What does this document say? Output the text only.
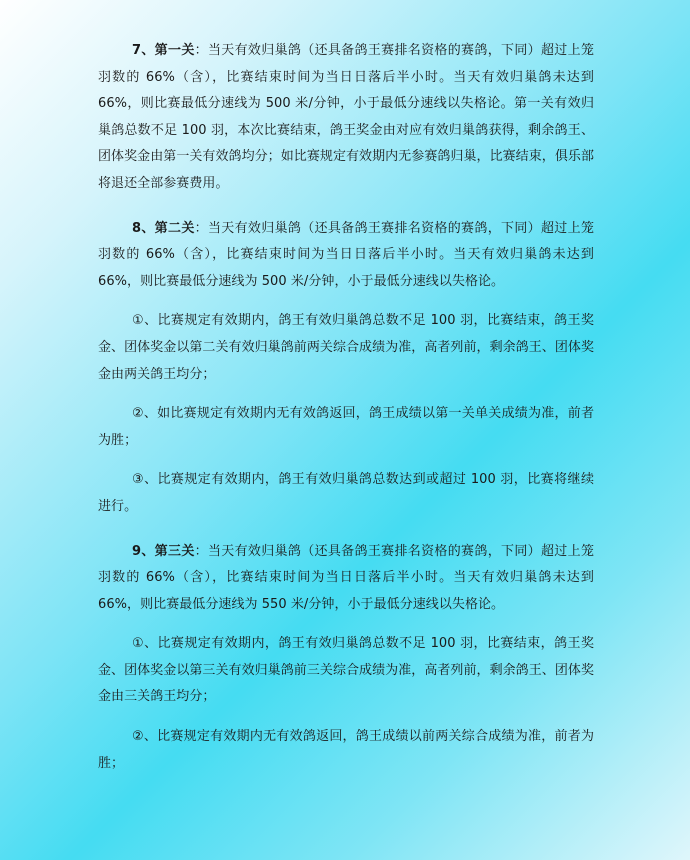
7、第一关：当天有效归巢鸽（还具备鸽王赛排名资格的赛鸽，下同）超过上笼羽数的 66%（含），比赛结束时间为当日日落后半小时。当天有效归巢鸽未达到 66%，则比赛最低分速线为 500 米/分钟，小于最低分速线以失格论。第一关有效归巢鸽总数不足 100 羽，本次比赛结束，鸽王奖金由对应有效归巢鸽获得，剩余鸽王、团体奖金由第一关有效鸽均分；如比赛规定有效期内无参赛鸽归巢，比赛结束，俱乐部将退还全部参赛费用。

8、第二关：当天有效归巢鸽（还具备鸽王赛排名资格的赛鸽，下同）超过上笼羽数的 66%（含），比赛结束时间为当日日落后半小时。当天有效归巢鸽未达到 66%，则比赛最低分速线为 500 米/分钟，小于最低分速线以失格论。

①、比赛规定有效期内，鸽王有效归巢鸽总数不足 100 羽，比赛结束，鸽王奖金、团体奖金以第二关有效归巢鸽前两关综合成绩为准，高者列前，剩余鸽王、团体奖金由两关鸽王均分；

②、如比赛规定有效期内无有效鸽返回，鸽王成绩以第一关单关成绩为准，前者为胜；

③、比赛规定有效期内，鸽王有效归巢鸽总数达到或超过 100 羽，比赛将继续进行。

9、第三关：当天有效归巢鸽（还具备鸽王赛排名资格的赛鸽，下同）超过上笼羽数的 66%（含），比赛结束时间为当日日落后半小时。当天有效归巢鸽未达到 66%，则比赛最低分速线为 550 米/分钟，小于最低分速线以失格论。

①、比赛规定有效期内，鸽王有效归巢鸽总数不足 100 羽，比赛结束，鸽王奖金、团体奖金以第三关有效归巢鸽前三关综合成绩为准，高者列前，剩余鸽王、团体奖金由三关鸽王均分；

②、比赛规定有效期内无有效鸽返回，鸽王成绩以前两关综合成绩为准，前者为胜；
